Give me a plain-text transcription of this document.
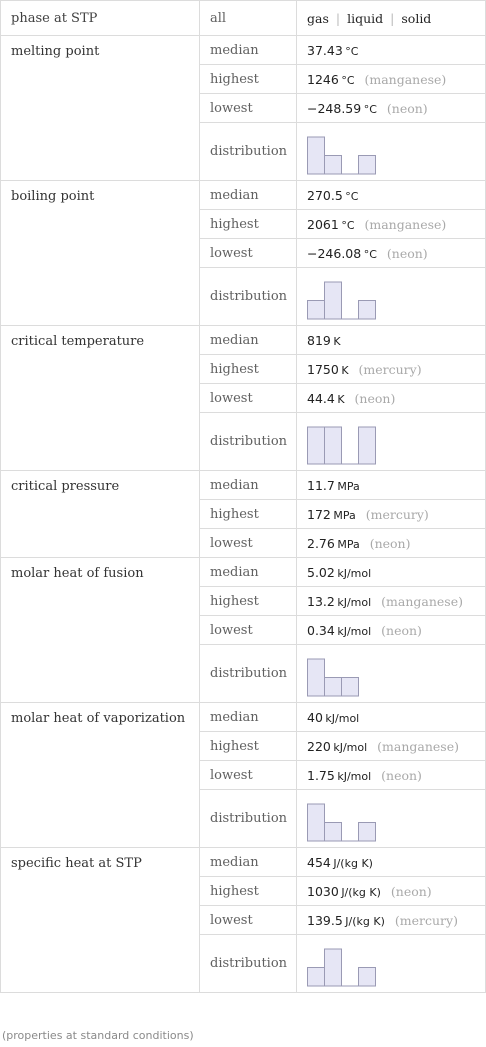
phase at STP	all	gas | liquid | solid
melting point	median	37.43  °C
	highest	1246  °C (manganese)
	lowest	−248.59  °C (neon)
	distribution	

boiling point	median	270.5  °C
	highest	2061  °C (manganese)
	lowest	−246.08  °C (neon)
	distribution	

critical temperature	median	819  K
	highest	1750  K (mercury)
	lowest	44.4  K (neon)
	distribution	

critical pressure	median	11.7  MPa
	highest	172  MPa (mercury)
	lowest	2.76  MPa (neon)
molar heat of fusion	median	5.02  kJ/mol
	highest	13.2  kJ/mol (manganese)
	lowest	0.34  kJ/mol (neon)
	distribution	

molar heat of vaporization	median	40  kJ/mol
	highest	220  kJ/mol (manganese)
	lowest	1.75  kJ/mol (neon)
	distribution	

specific heat at STP	median	454  J/(kg K)
	highest	1030  J/(kg K) (neon)
	lowest	139.5  J/(kg K) (mercury)
	distribution	
(properties at standard conditions)
